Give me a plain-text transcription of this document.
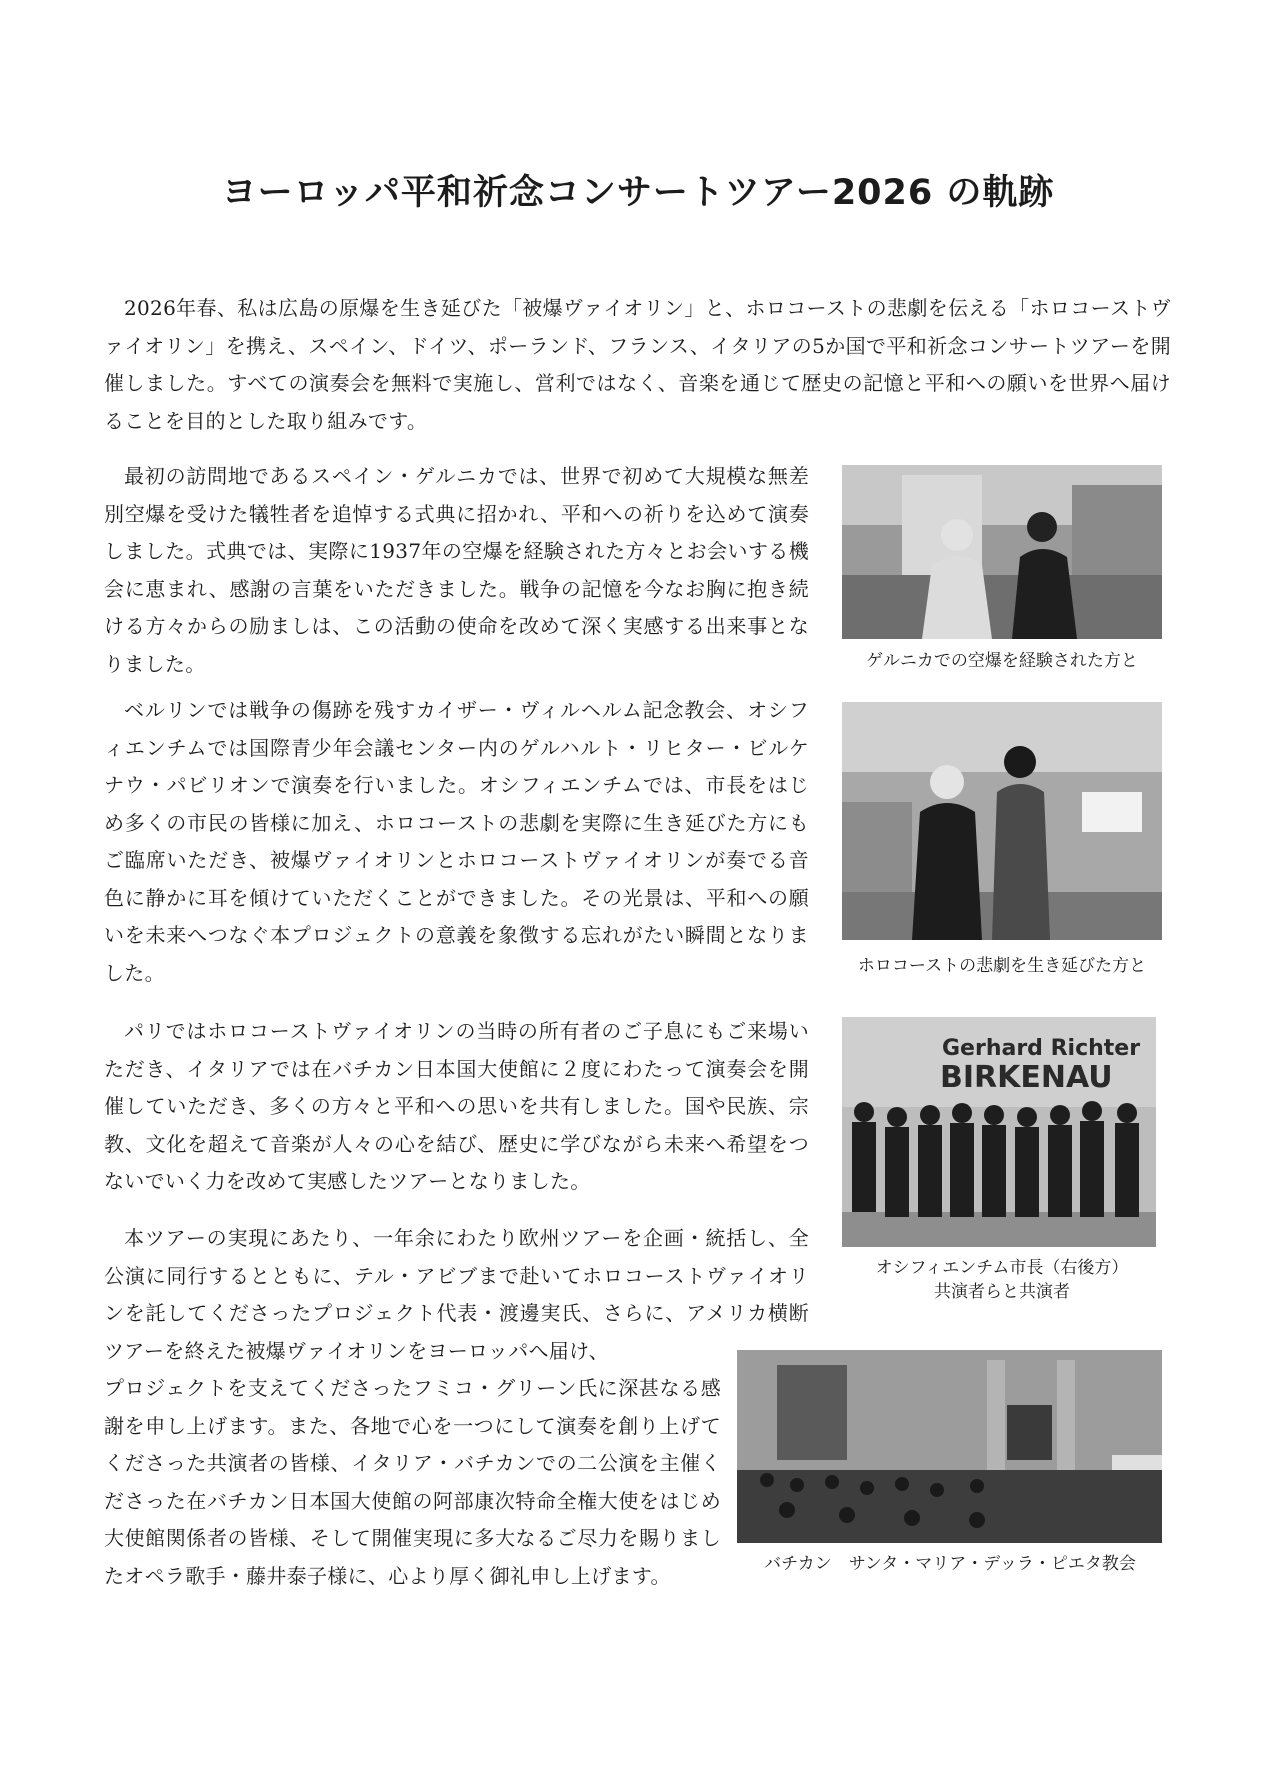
ヨーロッパ平和祈念コンサートツアー2026 の軌跡

2026年春、私は広島の原爆を生き延びた「被爆ヴァイオリン」と、ホロコーストの悲劇を伝える「ホロコーストヴァイオリン」を携え、スペイン、ドイツ、ポーランド、フランス、イタリアの5か国で平和祈念コンサートツアーを開催しました。すべての演奏会を無料で実施し、営利ではなく、音楽を通じて歴史の記憶と平和への願いを世界へ届けることを目的とした取り組みです。

最初の訪問地であるスペイン・ゲルニカでは、世界で初めて大規模な無差別空爆を受けた犠牲者を追悼する式典に招かれ、平和への祈りを込めて演奏しました。式典では、実際に1937年の空爆を経験された方々とお会いする機会に恵まれ、感謝の言葉をいただきました。戦争の記憶を今なお胸に抱き続ける方々からの励ましは、この活動の使命を改めて深く実感する出来事となりました。	ゲルニカでの空爆を経験された方と

ベルリンでは戦争の傷跡を残すカイザー・ヴィルヘルム記念教会、オシフィエンチムでは国際青少年会議センター内のゲルハルト・リヒター・ビルケナウ・パビリオンで演奏を行いました。オシフィエンチムでは、市長をはじめ多くの市民の皆様に加え、ホロコーストの悲劇を実際に生き延びた方にもご臨席いただき、被爆ヴァイオリンとホロコーストヴァイオリンが奏でる音色に静かに耳を傾けていただくことができました。その光景は、平和への願いを未来へつなぐ本プロジェクトの意義を象徴する忘れがたい瞬間となりました。	ホロコーストの悲劇を生き延びた方と

パリではホロコーストヴァイオリンの当時の所有者のご子息にもご来場いただき、イタリアでは在バチカン日本国大使館に２度にわたって演奏会を開催していただき、多くの方々と平和への思いを共有しました。国や民族、宗教、文化を超えて音楽が人々の心を結び、歴史に学びながら未来へ希望をつないでいく力を改めて実感したツアーとなりました。

Gerhard Richter
BIRKENAU
オシフィエンチム市長（右後方）
共演者らと共演者

本ツアーの実現にあたり、一年余にわたり欧州ツアーを企画・統括し、全公演に同行するとともに、テル・アビブまで赴いてホロコーストヴァイオリンを託してくださったプロジェクト代表・渡邊実氏、さらに、アメリカ横断ツアーを終えた被爆ヴァイオリンをヨーロッパへ届け、

プロジェクトを支えてくださったフミコ・グリーン氏に深甚なる感謝を申し上げます。また、各地で心を一つにして演奏を創り上げてくださった共演者の皆様、イタリア・バチカンでの二公演を主催くださった在バチカン日本国大使館の阿部康次特命全権大使をはじめ大使館関係者の皆様、そして開催実現に多大なるご尽力を賜りましたオペラ歌手・藤井泰子様に、心より厚く御礼申し上げます。	バチカン　サンタ・マリア・デッラ・ピエタ教会
